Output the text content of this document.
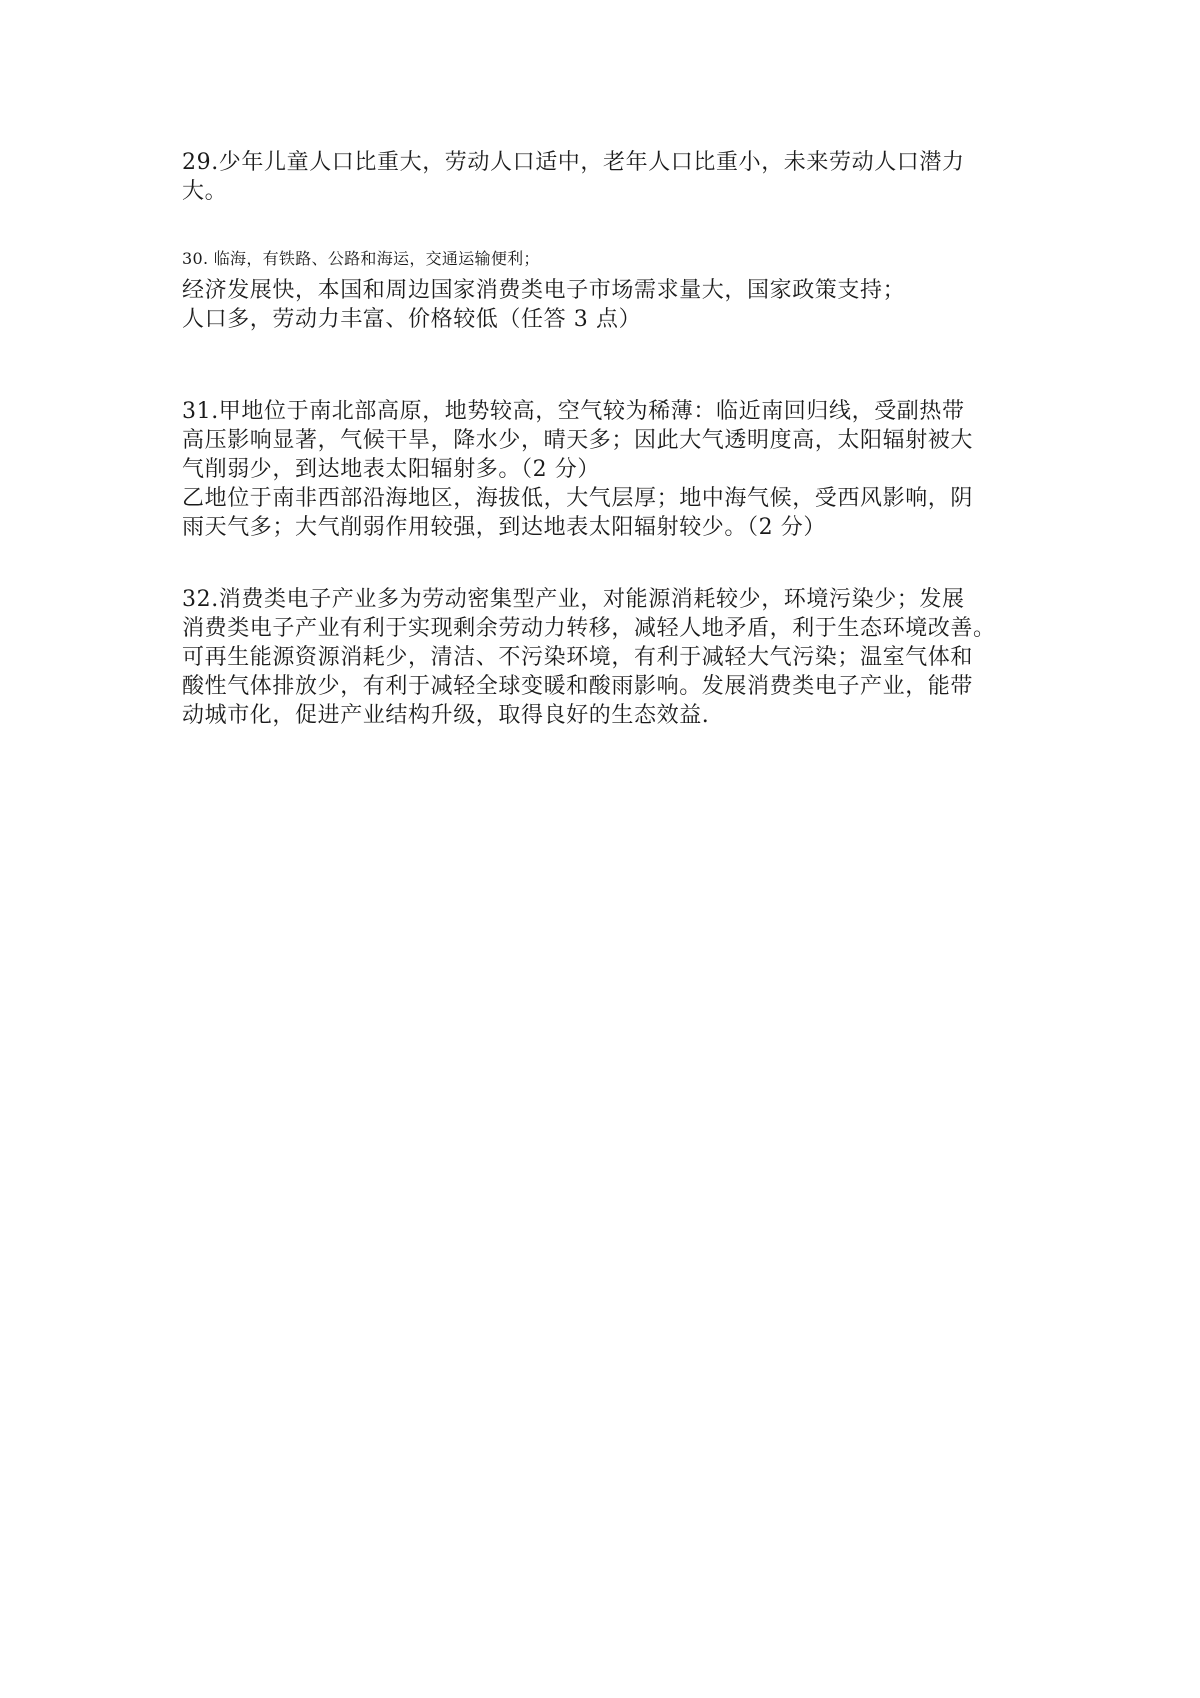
29.少年儿童人口比重大，劳动人口适中，老年人口比重小，未来劳动人口潜力
大。
30. 临海，有铁路、公路和海运，交通运输便利；
经济发展快，本国和周边国家消费类电子市场需求量大，国家政策支持；
人口多，劳动力丰富、价格较低（任答 3 点）
31.甲地位于南北部高原，地势较高，空气较为稀薄：临近南回归线，受副热带
高压影响显著，气候干旱，降水少，晴天多；因此大气透明度高，太阳辐射被大
气削弱少，到达地表太阳辐射多。（2 分）
乙地位于南非西部沿海地区，海拔低，大气层厚；地中海气候，受西风影响，阴
雨天气多；大气削弱作用较强，到达地表太阳辐射较少。（2 分）
32.消费类电子产业多为劳动密集型产业，对能源消耗较少，环境污染少；发展
消费类电子产业有利于实现剩余劳动力转移，减轻人地矛盾，利于生态环境改善。
可再生能源资源消耗少，清洁、不污染环境，有利于减轻大气污染；温室气体和
酸性气体排放少，有利于减轻全球变暖和酸雨影响。发展消费类电子产业，能带
动城市化，促进产业结构升级，取得良好的生态效益.
